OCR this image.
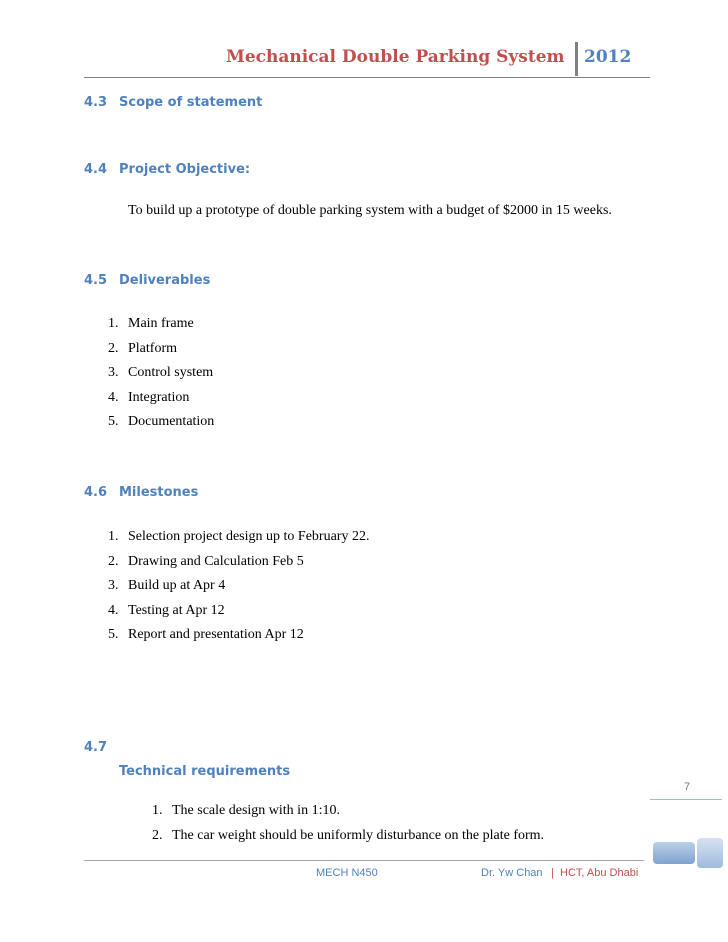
Mechanical Double Parking System 2012
4.3 Scope of statement
4.4 Project Objective:
To build up a prototype of double parking system with a budget of $2000 in 15 weeks.
4.5 Deliverables
1. Main frame
2. Platform
3. Control system
4. Integration
5. Documentation
4.6 Milestones
1. Selection project design up to February 22.
2. Drawing and Calculation Feb 5
3. Build up at Apr 4
4. Testing at Apr 12
5. Report and presentation Apr 12
4.7
Technical requirements
1. The scale design with in 1:10.
2. The car weight should be uniformly disturbance on the plate form.
7
MECH N450	Dr. Yw Chan | HCT, Abu Dhabi
